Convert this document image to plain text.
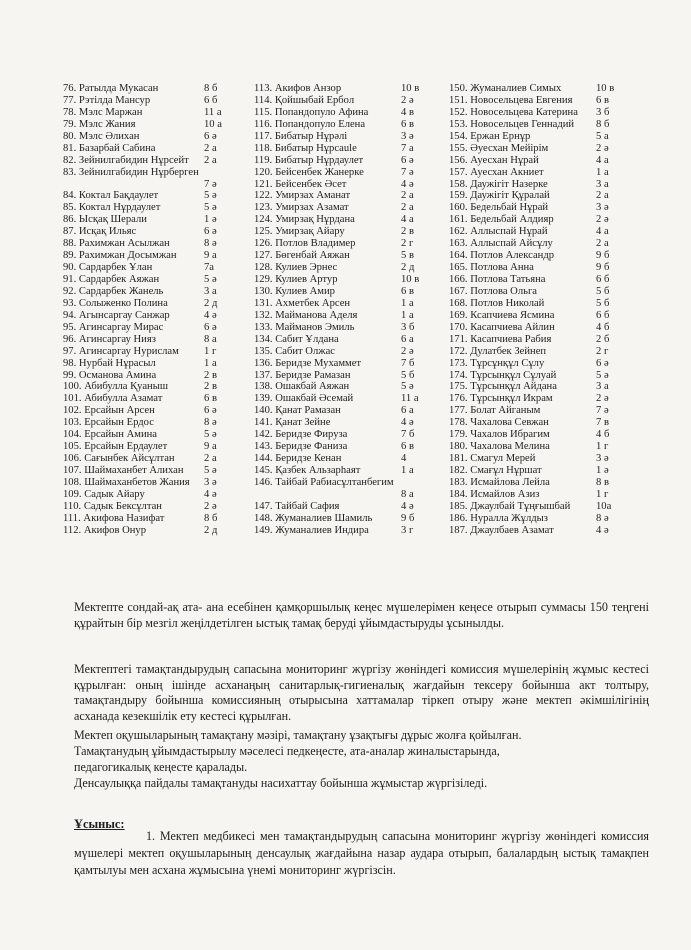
76. Ратылда Мукасан	8 б
77. Рэтілда Мансур	6 б
78. Мэлс Маржан	11 а
79. Мэлс Жания	10 а
80. Мэлс Әлихан	6 ә
81. Базарбай Сабина	2 а
82. Зейнилгабидин Нұрсейт 2 а
83. Зейнилгабидин Нұрберген
7 ә
84. Коктал Бақдаулет	5 ә
85. Коктал Нұрдаулет	5 ә
86. Ысқақ Шерали	1 ә
87. Исқақ Ильяс	6 ә
88. Рахимжан Асылжан	8 ә
89. Рахимжан Досымжан	9 а
90. Сардарбек Ұлан	7а
91. Сардарбек Аяжан	5 ә
92. Сардарбек Жанель	3 а
93. Солыженко Полина	2 д
94. Агынсаргау Санжар	4 ә
95. Агинсаргау Мирас	6 ә
96. Агинсаргау Нияз	8 а
97. Агинсаргау Нурислам 1 г
98. Нурбай Нұрасыл	1 а
99. Османова Амина	2 в
100. Абибулла Қуаныш	2 в
101. Абибулла Азамат	6 в
102. Ерсайын Арсен	6 ә
103. Ерсайын Ердос	8 ә
104. Ерсайын Амина	5 ә
105. Ерсайын Ердаулет	9 а
106. Сағынбек Айсұлтан	2 а
107. Шаймаханбет Алихан 5 ә
108. Шаймаханбетов Жания 3 ә
109. Садык Айару	4 ә
110. Садык Бексұлтан	2 ә
111. Акифова Назифат	8 б
112. Акифов Онур	2 д
113. Акифов Анзор	10 в
114. Қойшыбай Ербол	2 ә
115. Попандопуло Афина	4 в
116. Попандопуло Елена	6 в
117. Бибатыр Нұрәлі	3 ә
118. Бибатыр Нұрсаule	7 а
119. Бибатыр Нұрдаулет	6 ә
120. Бейсенбек Жанерке	7 ә
121. Бейсенбек Әсет	4 ә
122. Умирзах Аманат	2 а
123. Умирзах Азамат	2 а
124. Умирзақ Нұрдана	4 а
125. Умирзақ Айару	2 в
126. Потлов Владимер	2 г
127. Бөгенбай Аяжан	5 в
128. Кулиев Эрнес	2 д
129. Кулиев Артур	10 в
130. Кулиев Амир	6 в
131. Ахметбек Арсен	1 а
132. Майманова Аделя	1 а
133. Майманов Эмиль	3 б
134. Сабит Ұлдана	6 а
135. Сабит Олжас	2 ә
136. Беридзе Мухаммет	7 б
137. Беридзе Рамазан	5 б
138. Ошакбай Аяжан	5 ә
139. Ошакбай Әсемай	11 а
140. Қанат Рамазан	6 а
141. Қанат Зейне	4 ә
142. Беридзе Фируза	7 б
143. Беридзе Фаниза	6 в
144. Беридзе Кенан	4
145. Қазбек Альзарhаят	1 а
146. Тайбай Рабиасұлтанбегим
8 а
147. Тайбай Сафия	4 ә
148. Жуманалиев Шамиль	9 б
149. Жуманалиев Индира	3 г
150. Жуманалиев Симых	10 в
151. Новосельцева Евгения 6 в
152. Новосельцева Катерина 3 б
153. Новосельцев Геннадий 8 б
154. Ержан Ернұр	5 а
155. Әуесхан Мейірім	2 ә
156. Ауесхан Нұрай	4 а
157. Ауесхан Акниет	1 а
158. Даужігіт Назерке	3 а
159. Даужігіт Құралай	2 а
160. Бедельбай Нұрай	3 ә
161. Бедельбай Алдияр	2 ә
162. Аллыспай Нұрай	4 а
163. Аллыспай Айсұлу	2 а
164. Потлов Александр	9 б
165. Потлова Анна	9 б
166. Потлова Татьяна	6 б
167. Потлова Ольга	5 б
168. Потлов Николай	5 б
169. Ксапчиева Ясмина	6 б
170. Касапчиева Айлин	4 б
171. Касапчиева Рабия	2 б
172. Дулатбек Зейнеп	2 г
173. Тұрсұнқұл Сұлу	6 ә
174. Тұрсынқұл Сұлуай	5 ә
175. Тұрсынқұл Айдана	3 а
176. Тұрсынқұл Икрам	2 ә
177. Болат Айганым	7 ә
178. Чахалова Севжан	7 в
179. Чахалов Ибрагим	4 б
180. Чахалова Мелина	1 г
181. Смагул Мерей	3 ә
182. Смағұл Нұршат	1 ә
183. Исмайлова Лейла	8 в
184. Исмайлов Азиз	1 г
185. Джаулбай Тұңғышбай 10а
186. Нуралла Жұлдыз	8 ә
187. Джаулбаев Азамат	4 ә
Мектепте сондай-ақ ата- ана есебінен қамқоршылық кеңес мүшелерімен кеңесе отырып суммасы 150 теңгені құрайтын бір мезгіл жеңілдетілген ыстық тамақ беруді ұйымдастыруды ұсынылды.
Мектептегі тамақтандырудың сапасына мониторинг жүргізу жөніндегі комиссия мүшелерінің жұмыс кестесі құрылған: оның ішінде асханаңың санитарлық-гигиеналық жағдайын тексеру бойынша акт толтыру, тамақтандыру бойынша комиссияның отырысына хаттамалар тіркеп отыру және мектеп әкімшілігінің асханада кезекшілік ету кестесі құрылған.
Мектеп оқушыларының тамақтану мәзірі, тамақтану ұзақтығы дұрыс жолға қойылған.
Тамақтанудың ұйымдастырылу мәселесі педкеңесте, ата-аналар жиналыстарында,
педагогикалық кеңесте қаралады.
Денсаулыққа пайдалы тамақтануды насихаттау бойынша жұмыстар жүргізіледі.
Ұсыныс:
1. Мектеп медбикесі мен тамақтандырудың сапасына мониторинг жүргізу жөніндегі комиссия мүшелері мектеп оқушыларының денсаулық жағдайына назар аудара отырып, балалардың ыстық тамақпен қамтылуы мен асхана жұмысына үнемі мониторинг жүргізсін.
